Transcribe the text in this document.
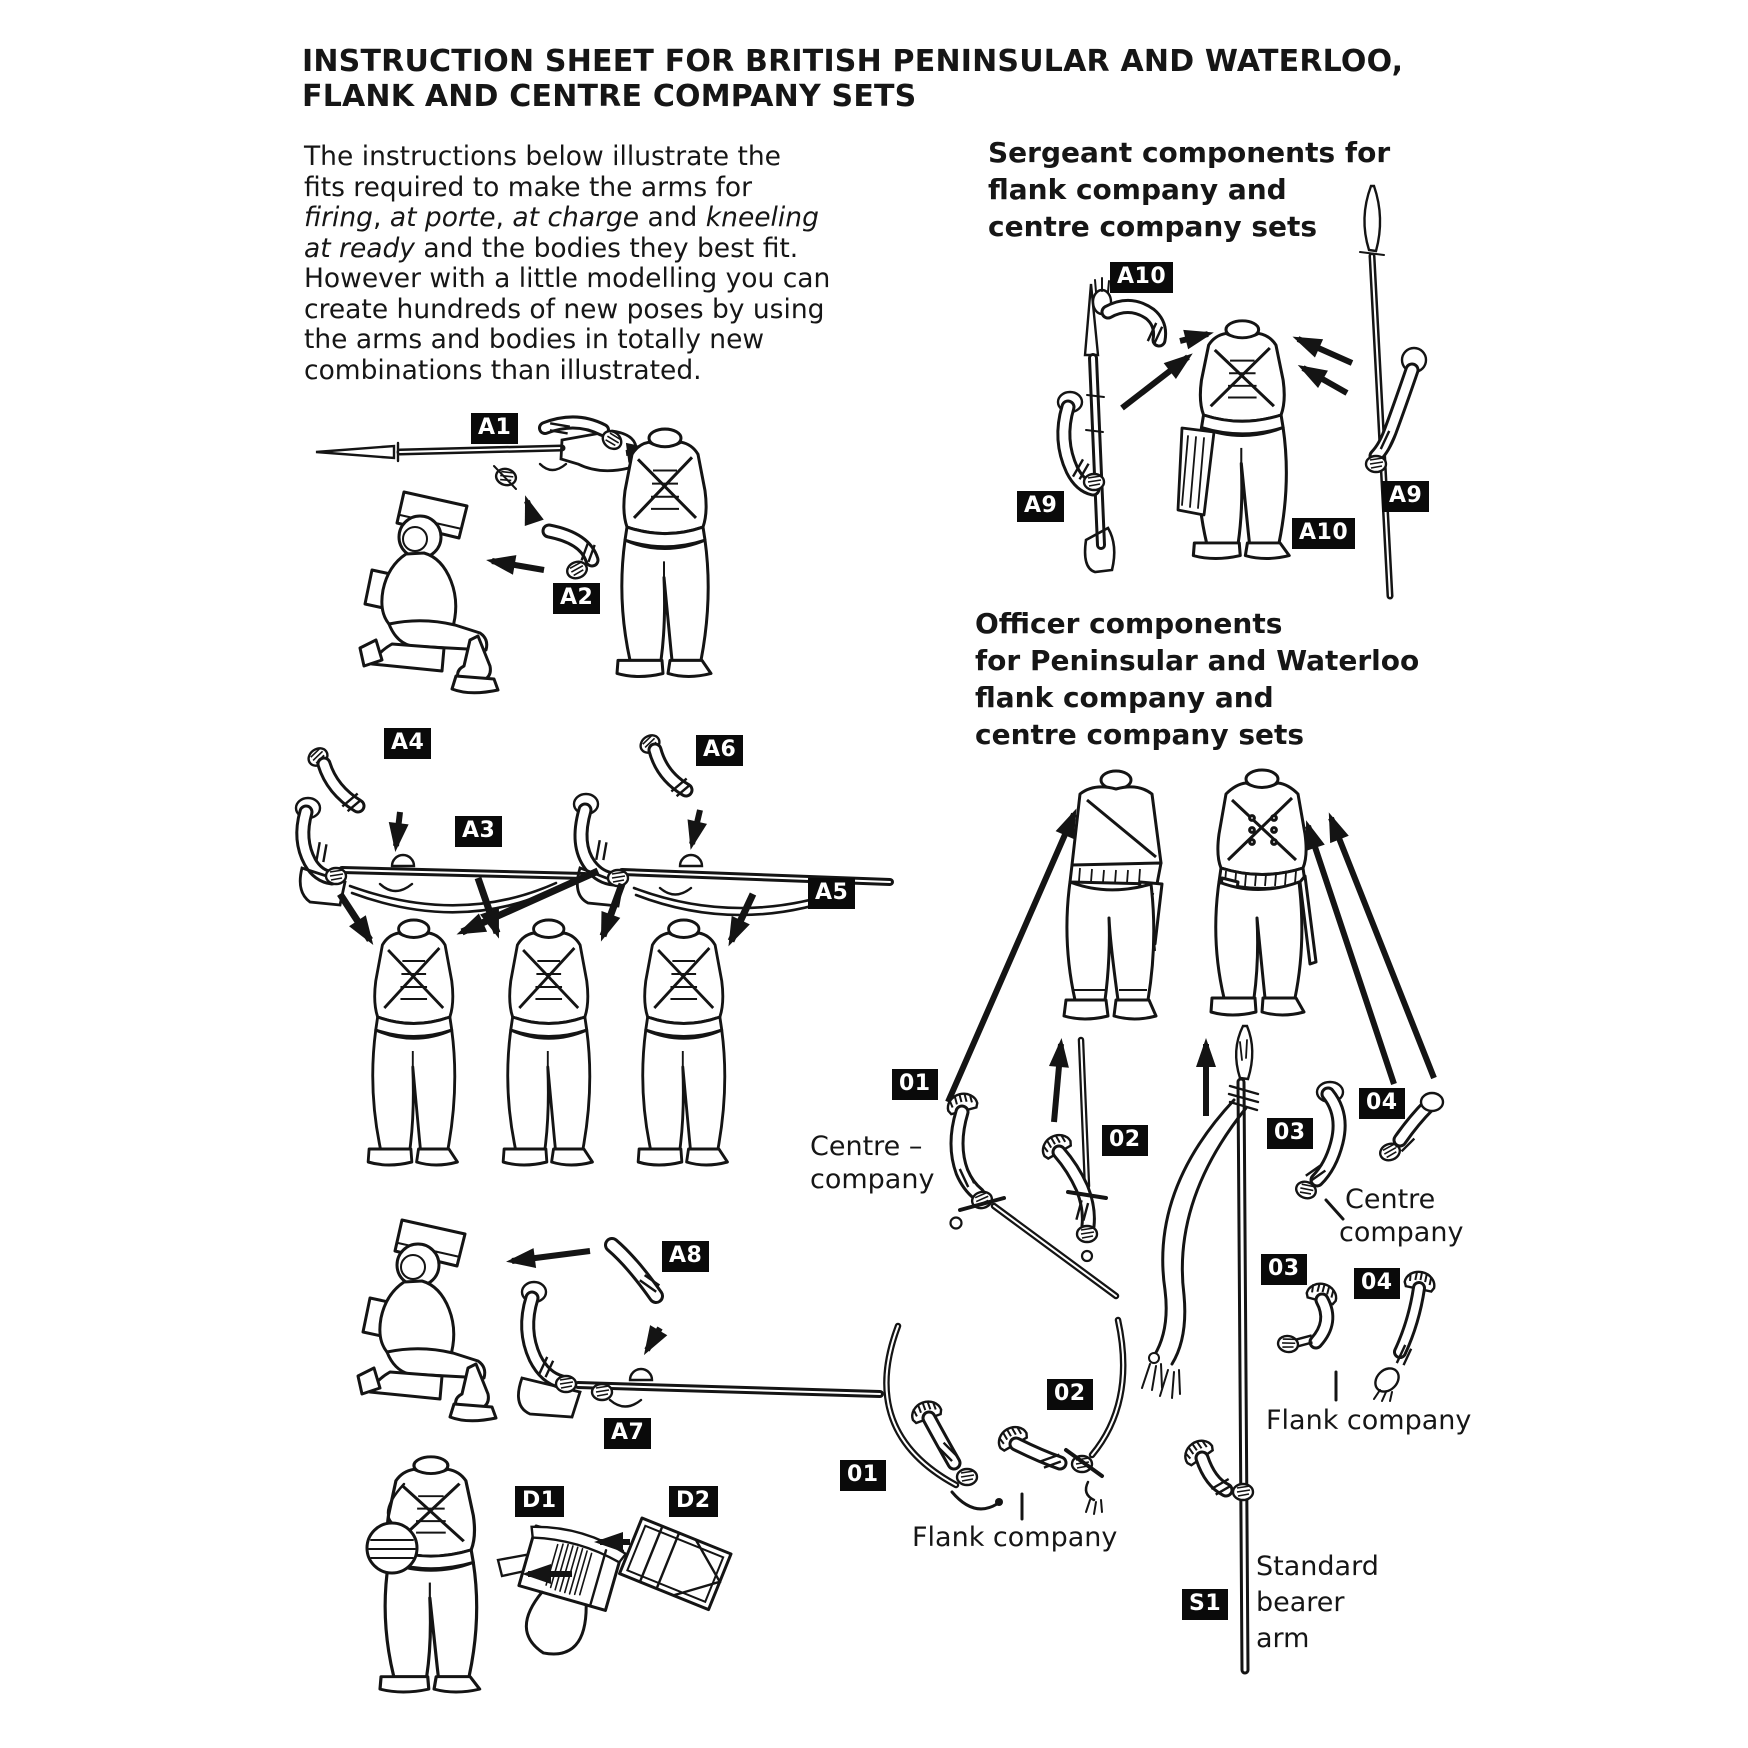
INSTRUCTION SHEET FOR BRITISH PENINSULAR AND WATERLOO,
FLANK AND CENTRE COMPANY SETS
The instructions below illustrate the
fits required to make the arms for
firing, at porte, at charge and kneeling
at ready and the bodies they best fit.
However with a little modelling you can
create hundreds of new poses by using
the arms and bodies in totally new
combinations than illustrated.
Sergeant components for
flank company and
centre company sets
Officer components
for Peninsular and Waterloo
flank company and
centre company sets
Centre –
company
Centre
company
Flank company
Flank company
Standard
bearer
arm
A1
A2
A4
A3
A6
A5
A8
A7
D1	D2
A10
A9	A9
A10
01
02	03
04
03
04
01
02
S1
